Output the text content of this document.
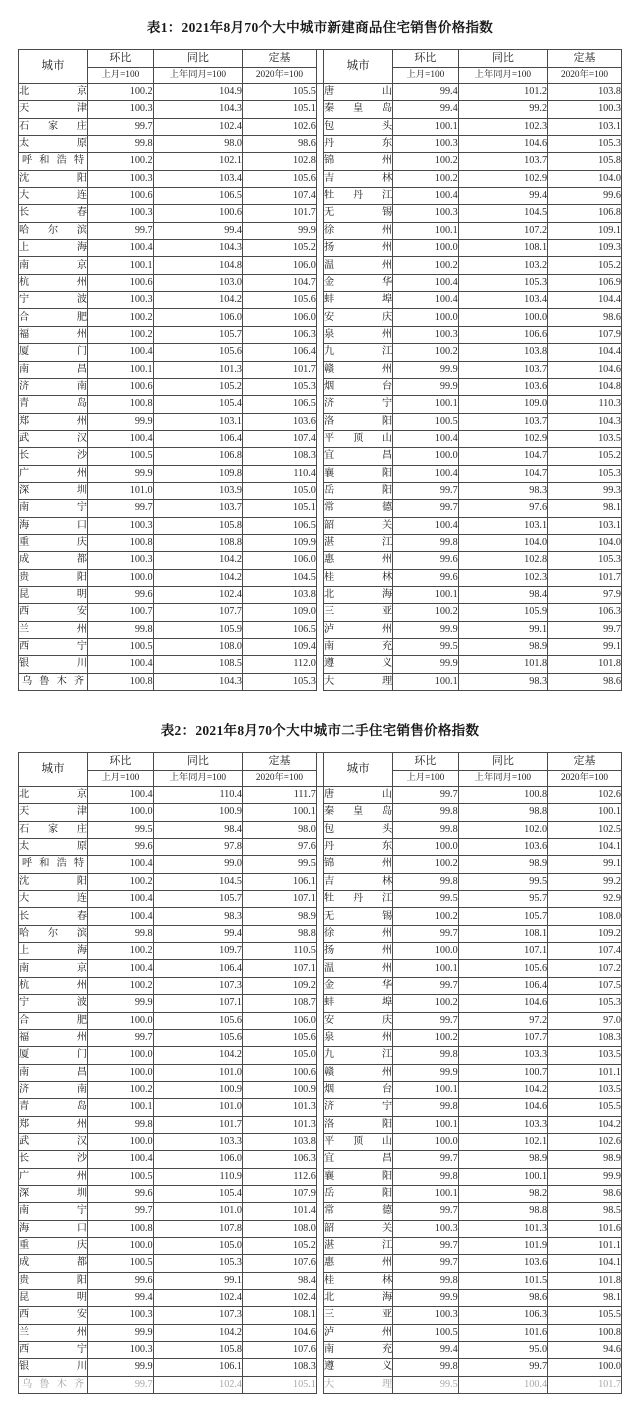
表1：2021年8月70个大中城市新建商品住宅销售价格指数
城市	环比	同比	定基		城市	环比	同比	定基
	上月=100	上年同月=100	2020年=100			上月=100	上年同月=100	2020年=100
北京	100.2	104.9	105.5		唐山	99.4	101.2	103.8
天津	100.3	104.3	105.1		秦皇岛	99.4	99.2	100.3
石家庄	99.7	102.4	102.6		包头	100.1	102.3	103.1
太原	99.8	98.0	98.6		丹东	100.3	104.6	105.3
呼和浩特	100.2	102.1	102.8		锦州	100.2	103.7	105.8
沈阳	100.3	103.4	105.6		吉林	100.2	102.9	104.0
大连	100.6	106.5	107.4		牡丹江	100.4	99.4	99.6
长春	100.3	100.6	101.7		无锡	100.3	104.5	106.8
哈尔滨	99.7	99.4	99.9		徐州	100.1	107.2	109.1
上海	100.4	104.3	105.2		扬州	100.0	108.1	109.3
南京	100.1	104.8	106.0		温州	100.2	103.2	105.2
杭州	100.6	103.0	104.7		金华	100.4	105.3	106.9
宁波	100.3	104.2	105.6		蚌埠	100.4	103.4	104.4
合肥	100.2	106.0	106.0		安庆	100.0	100.0	98.6
福州	100.2	105.7	106.3		泉州	100.3	106.6	107.9
厦门	100.4	105.6	106.4		九江	100.2	103.8	104.4
南昌	100.1	101.3	101.7		赣州	99.9	103.7	104.6
济南	100.6	105.2	105.3		烟台	99.9	103.6	104.8
青岛	100.8	105.4	106.5		济宁	100.1	109.0	110.3
郑州	99.9	103.1	103.6		洛阳	100.5	103.7	104.3
武汉	100.4	106.4	107.4		平顶山	100.4	102.9	103.5
长沙	100.5	106.8	108.3		宜昌	100.0	104.7	105.2
广州	99.9	109.8	110.4		襄阳	100.4	104.7	105.3
深圳	101.0	103.9	105.0		岳阳	99.7	98.3	99.3
南宁	99.7	103.7	105.1		常德	99.7	97.6	98.1
海口	100.3	105.8	106.5		韶关	100.4	103.1	103.1
重庆	100.8	108.8	109.9		湛江	99.8	104.0	104.0
成都	100.3	104.2	106.0		惠州	99.6	102.8	105.3
贵阳	100.0	104.2	104.5		桂林	99.6	102.3	101.7
昆明	99.6	102.4	103.8		北海	100.1	98.4	97.9
西安	100.7	107.7	109.0		三亚	100.2	105.9	106.3
兰州	99.8	105.9	106.5		泸州	99.9	99.1	99.7
西宁	100.5	108.0	109.4		南充	99.5	98.9	99.1
银川	100.4	108.5	112.0		遵义	99.9	101.8	101.8
乌鲁木齐	100.8	104.3	105.3		大理	100.1	98.3	98.6
表2：2021年8月70个大中城市二手住宅销售价格指数
城市	环比	同比	定基		城市	环比	同比	定基
	上月=100	上年同月=100	2020年=100			上月=100	上年同月=100	2020年=100
北京	100.4	110.4	111.7		唐山	99.7	100.8	102.6
天津	100.0	100.9	100.1		秦皇岛	99.8	98.8	100.1
石家庄	99.5	98.4	98.0		包头	99.8	102.0	102.5
太原	99.6	97.8	97.6		丹东	100.0	103.6	104.1
呼和浩特	100.4	99.0	99.5		锦州	100.2	98.9	99.1
沈阳	100.2	104.5	106.1		吉林	99.8	99.5	99.2
大连	100.4	105.7	107.1		牡丹江	99.5	95.7	92.9
长春	100.4	98.3	98.9		无锡	100.2	105.7	108.0
哈尔滨	99.8	99.4	98.8		徐州	99.7	108.1	109.2
上海	100.2	109.7	110.5		扬州	100.0	107.1	107.4
南京	100.4	106.4	107.1		温州	100.1	105.6	107.2
杭州	100.2	107.3	109.2		金华	99.7	106.4	107.5
宁波	99.9	107.1	108.7		蚌埠	100.2	104.6	105.3
合肥	100.0	105.6	106.0		安庆	99.7	97.2	97.0
福州	99.7	105.6	105.6		泉州	100.2	107.7	108.3
厦门	100.0	104.2	105.0		九江	99.8	103.3	103.5
南昌	100.0	101.0	100.6		赣州	99.9	100.7	101.1
济南	100.2	100.9	100.9		烟台	100.1	104.2	103.5
青岛	100.1	101.0	101.3		济宁	99.8	104.6	105.5
郑州	99.8	101.7	101.3		洛阳	100.1	103.3	104.2
武汉	100.0	103.3	103.8		平顶山	100.0	102.1	102.6
长沙	100.4	106.0	106.3		宜昌	99.7	98.9	98.9
广州	100.5	110.9	112.6		襄阳	99.8	100.1	99.9
深圳	99.6	105.4	107.9		岳阳	100.1	98.2	98.6
南宁	99.7	101.0	101.4		常德	99.7	98.8	98.5
海口	100.8	107.8	108.0		韶关	100.3	101.3	101.6
重庆	100.0	105.0	105.2		湛江	99.7	101.9	101.1
成都	100.5	105.3	107.6		惠州	99.7	103.6	104.1
贵阳	99.6	99.1	98.4		桂林	99.8	101.5	101.8
昆明	99.4	102.4	102.4		北海	99.9	98.6	98.1
西安	100.3	107.3	108.1		三亚	100.3	106.3	105.5
兰州	99.9	104.2	104.6		泸州	100.5	101.6	100.8
西宁	100.3	105.8	107.6		南充	99.4	95.0	94.6
银川	99.9	106.1	108.3		遵义	99.8	99.7	100.0
乌鲁木齐	99.7	102.4	105.1		大理	99.5	100.4	101.7
